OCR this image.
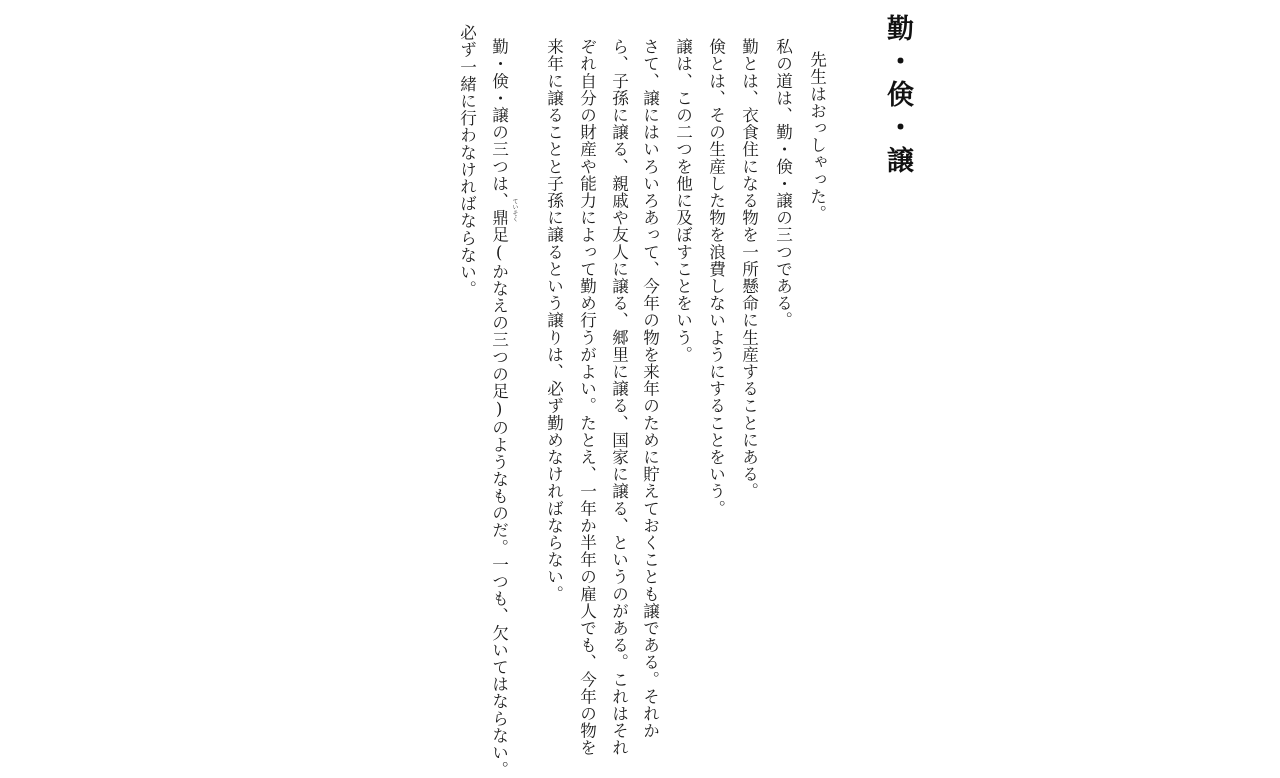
勤・倹・譲
先生はおっしゃった。
私の道は、勤・倹・譲の三つである。
勤とは、衣食住になる物を一所懸命に生産することにある。
倹とは、その生産した物を浪費しないようにすることをいう。
譲は、この二つを他に及ぼすことをいう。
さて、譲にはいろいろあって、今年の物を来年のために貯えておくことも譲である。それか
ら、子孫に譲る、親戚や友人に譲る、郷里に譲る、国家に譲る、というのがある。これはそれ
ぞれ自分の財産や能力によって勤め行うがよい。たとえ、一年か半年の雇人でも、今年の物を
来年に譲ることと子孫に譲るという譲りは、必ず勤めなければならない。
ていそく
勤・倹・譲の三つは、鼎足(かなえの三つの足)のようなものだ。一つも、欠いてはならない。
必ず一緒に行わなければならない。
